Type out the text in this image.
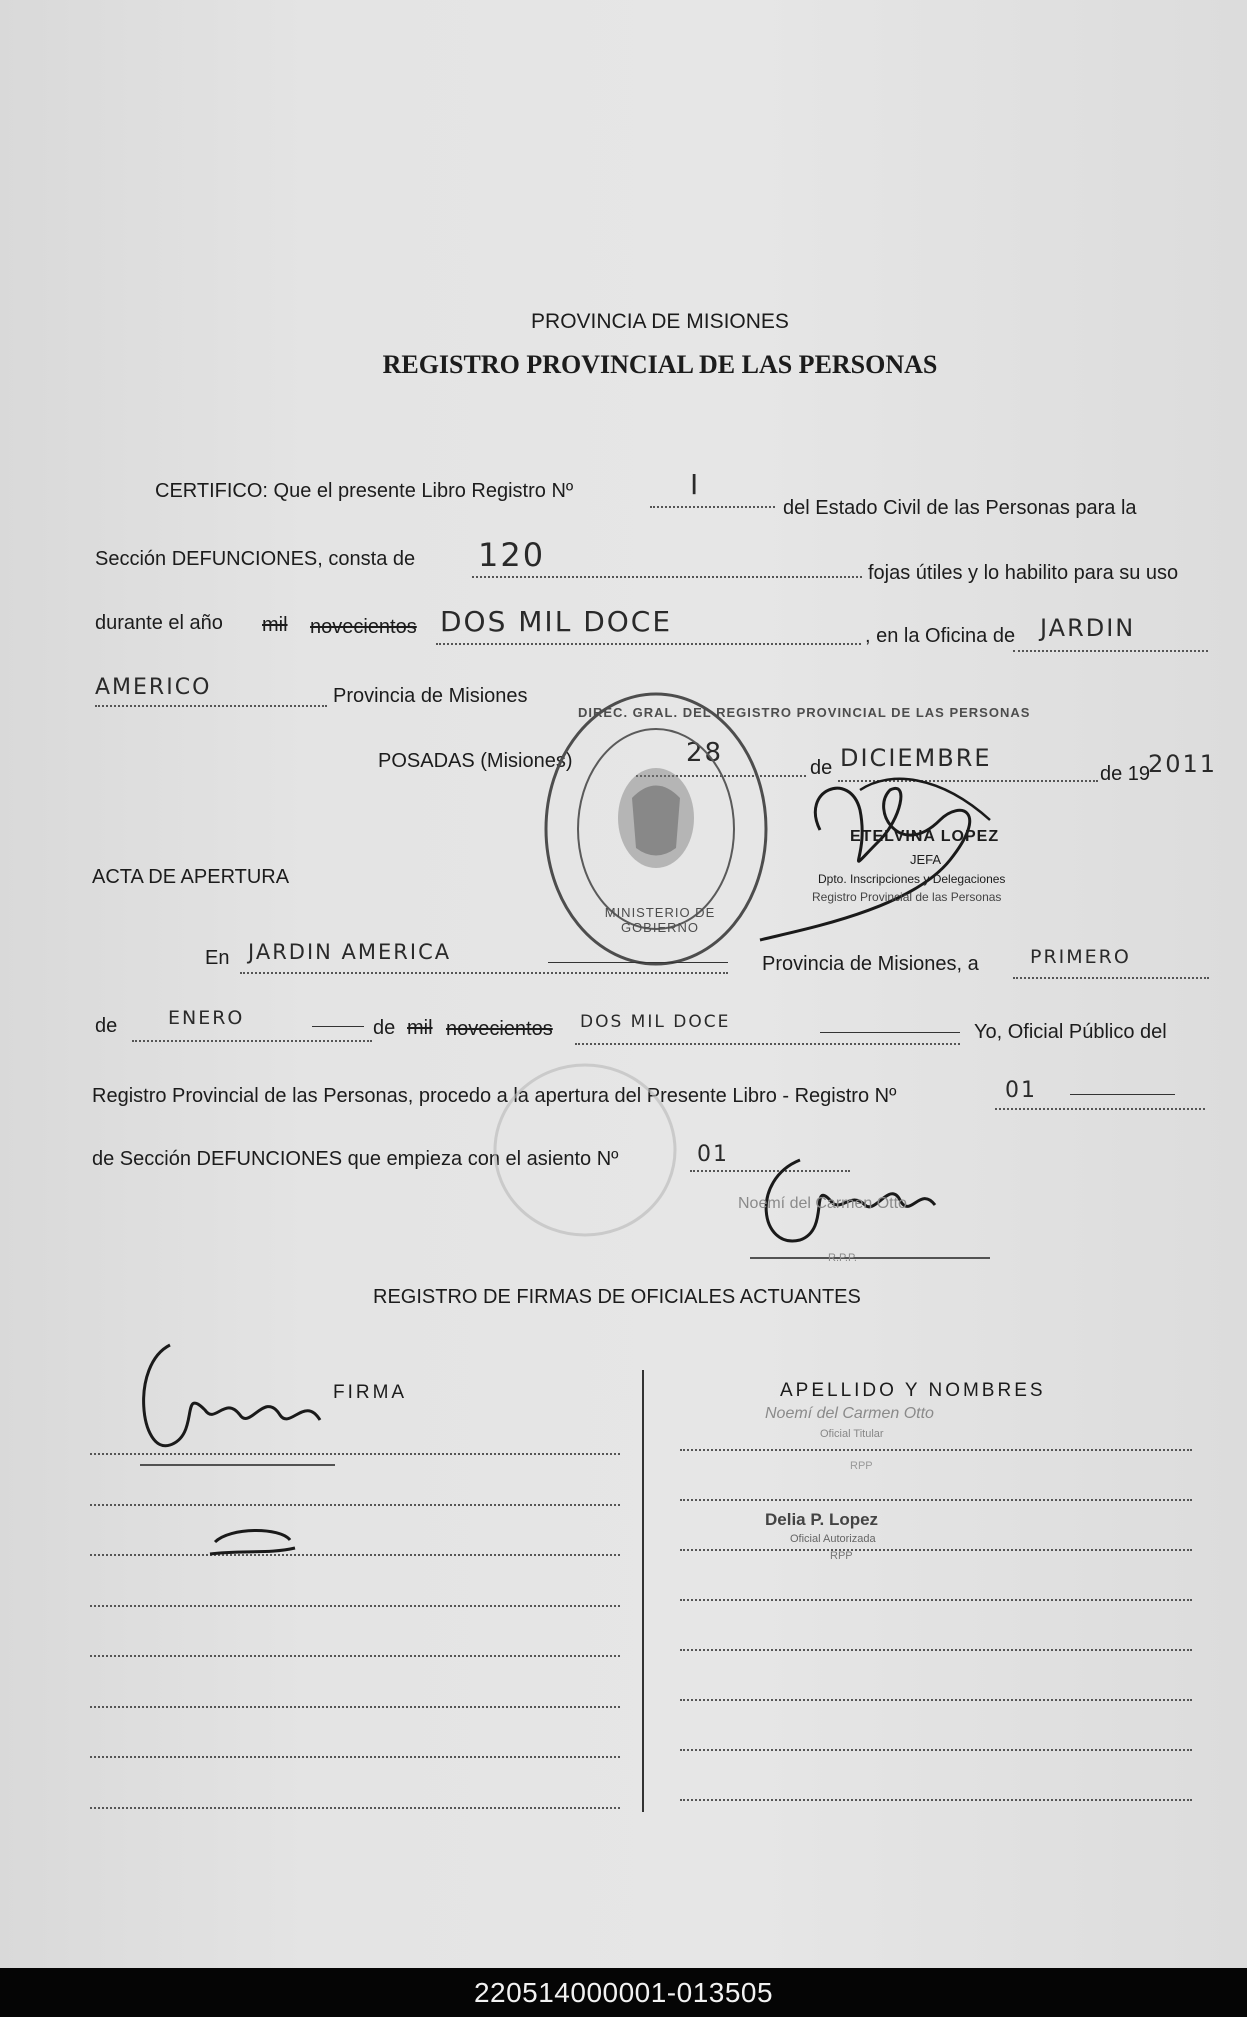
PROVINCIA DE MISIONES
REGISTRO PROVINCIAL DE LAS PERSONAS
CERTIFICO: Que el presente Libro Registro Nº	I
del Estado Civil de las Personas para la
Sección DEFUNCIONES, consta de 120	fojas útiles y lo habilito para su uso
durante el año mil novecientos DOS MIL DOCE	, en la Oficina de JARDIN
AMERICO	Provincia de Misiones
POSADAS (Misiones)	28	de DICIEMBRE
de 19
2011
DIREC. GRAL. DEL REGISTRO PROVINCIAL DE LAS PERSONAS
MINISTERIO DE GOBIERNO
ETELVINA LOPEZ
JEFA
Dpto. Inscripciones y Delegaciones
Registro Provincial de las Personas
ACTA DE APERTURA
En JARDIN AMERICA	Provincia de Misiones, a	PRIMERO
de	ENERO	de mil novecientos DOS MIL DOCE	Yo, Oficial Público del
Registro Provincial de las Personas, procedo a la apertura del Presente Libro - Registro Nº	01
de Sección DEFUNCIONES que empieza con el asiento Nº	01
Noemí del Carmen Otto
R.P.P.
REGISTRO DE FIRMAS DE OFICIALES ACTUANTES
FIRMA	APELLIDO Y NOMBRES
Noemí del Carmen Otto
Oficial Titular
RPP
Delia P. Lopez
Oficial Autorizada
RPP
220514000001-013505
